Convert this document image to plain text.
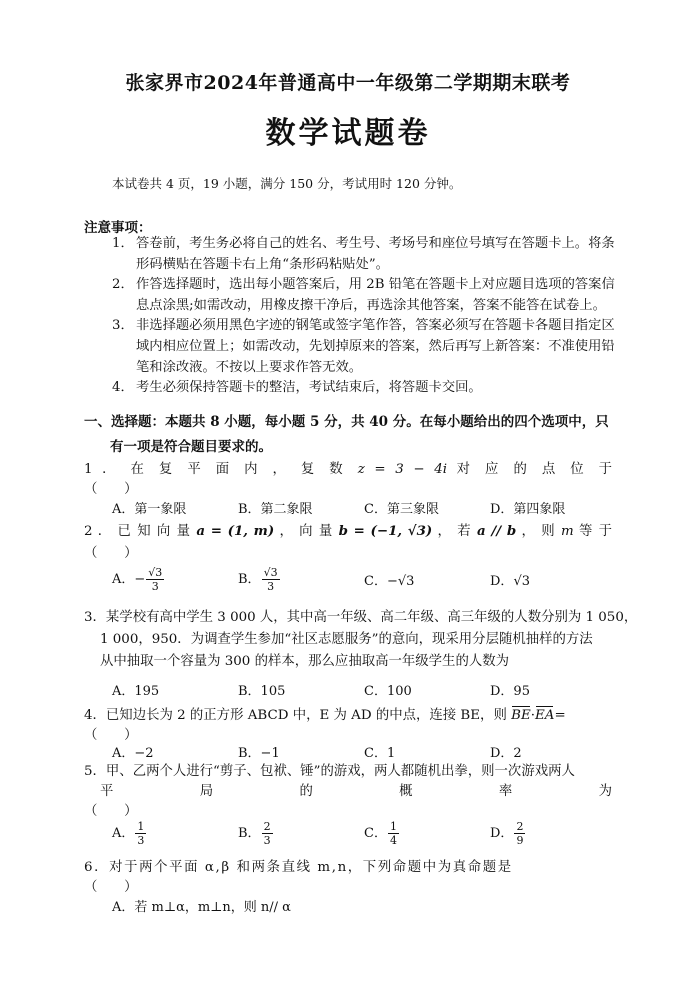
张家界市2024年普通高中一年级第二学期期末联考
数学试题卷
本试卷共 4 页，19 小题，满分 150 分，考试用时 120 分钟。
注意事项：
1． 答卷前，考生务必将自己的姓名、考生号、考场号和座位号填写在答题卡上。将条形码横贴在答题卡右上角“条形码粘贴处”。
2． 作答选择题时，选出每小题答案后，用 2B 铅笔在答题卡上对应题目选项的答案信息点涂黑;如需改动，用橡皮擦干净后，再选涂其他答案，答案不能答在试卷上。
3． 非选择题必须用黑色字迹的钢笔或签字笔作答，答案必须写在答题卡各题目指定区域内相应位置上；如需改动，先划掉原来的答案，然后再写上新答案：不准使用铅笔和涂改液。不按以上要求作答无效。
4． 考生必须保持答题卡的整洁，考试结束后，将答题卡交回。
一、选择题：本题共 8 小题，每小题 5 分，共 40 分。在每小题给出的四个选项中，只
有一项是符合题目要求的。
1 ． 在 复 平 面 内 ， 复 数 z = 3 − 4i 对 应 的 点 位 于
（　　）
A．第一象限	B．第二象限	C．第三象限	D．第四象限
2 ． 已 知 向 量 a = (1, m) ， 向 量 b = (−1, √3) ， 若 a // b ， 则 m 等 于
（　　）
A．− $\frac{√3}{3}$	B． $\frac{√3}{3}$	C．−√3	D．√3
3．某学校有高中学生 3 000 人，其中高一年级、高二年级、高三年级的人数分别为 1 050，
1 000，950．为调查学生参加“社区志愿服务”的意向，现采用分层随机抽样的方法
从中抽取一个容量为 300 的样本，那么应抽取高一年级学生的人数为
A．195	B．105	C．100	D．95
4．已知边长为 2 的正方形 ABCD 中，E 为 AD 的中点，连接 BE，则 BE·EA=
（　　）
A．−2	B．−1	C．1	D．2
5．甲、乙两个人进行“剪子、包袱、锤”的游戏，两人都随机出拳，则一次游戏两人
平 局 的 概 率 为
（　　）
A． $\frac{1}{3}$	B． $\frac{2}{3}$	C． $\frac{1}{4}$	D． $\frac{2}{9}$
6．对于两个平面 α,β 和两条直线 m,n，下列命题中为真命题是
（　　）
A．若 m⊥α，m⊥n，则 n// α
